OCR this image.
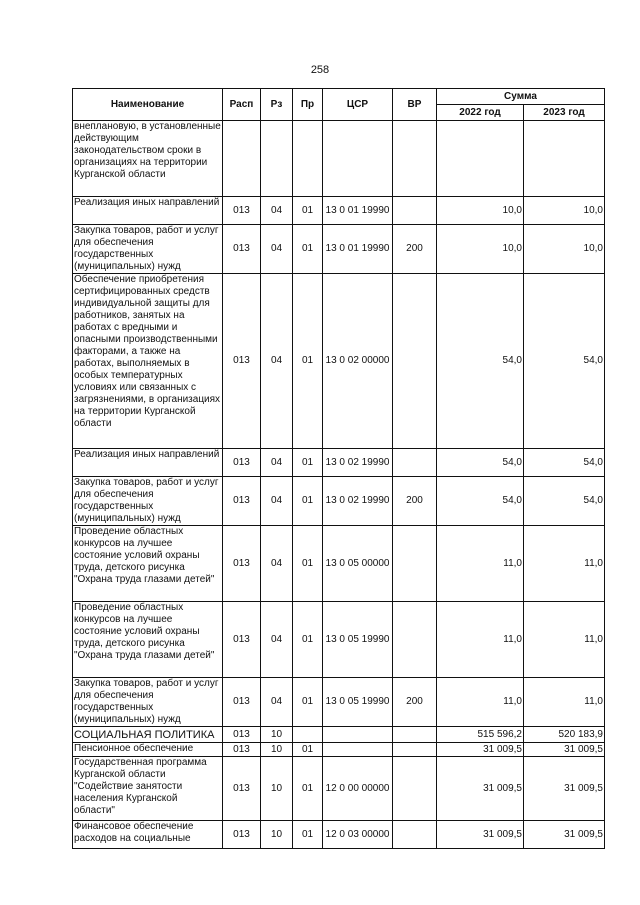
258
Наименование	Расп	Рз	Пр	ЦСР	ВР	Сумма	
						2022 год	2023 год
внеплановую, в установленные действующим законодательством сроки в организациях на территории Курганской области							
Реализация иных направлений	013	04	01	13 0 01 19990		10,0	10,0
Закупка товаров, работ и услуг для обеспечения государственных (муниципальных) нужд	013	04	01	13 0 01 19990	200	10,0	10,0
Обеспечение приобретения сертифицированных средств индивидуальной защиты для работников, занятых на работах с вредными и опасными производственными факторами, а также на работах, выполняемых в особых температурных условиях или связанных с загрязнениями, в организациях на территории Курганской области	013	04	01	13 0 02 00000		54,0	54,0
Реализация иных направлений	013	04	01	13 0 02 19990		54,0	54,0
Закупка товаров, работ и услуг для обеспечения государственных (муниципальных) нужд	013	04	01	13 0 02 19990	200	54,0	54,0
Проведение областных конкурсов на лучшее состояние условий охраны труда, детского рисунка "Охрана труда глазами детей"	013	04	01	13 0 05 00000		11,0	11,0
Проведение областных конкурсов на лучшее состояние условий охраны труда, детского рисунка "Охрана труда глазами детей"	013	04	01	13 0 05 19990		11,0	11,0
Закупка товаров, работ и услуг для обеспечения государственных (муниципальных) нужд	013	04	01	13 0 05 19990	200	11,0	11,0
СОЦИАЛЬНАЯ ПОЛИТИКА	013	10				515 596,2	520 183,9
Пенсионное обеспечение	013	10	01			31 009,5	31 009,5
Государственная программа Курганской области "Содействие занятости населения Курганской области"	013	10	01	12 0 00 00000		31 009,5	31 009,5
Финансовое обеспечение расходов на социальные	013	10	01	12 0 03 00000		31 009,5	31 009,5
